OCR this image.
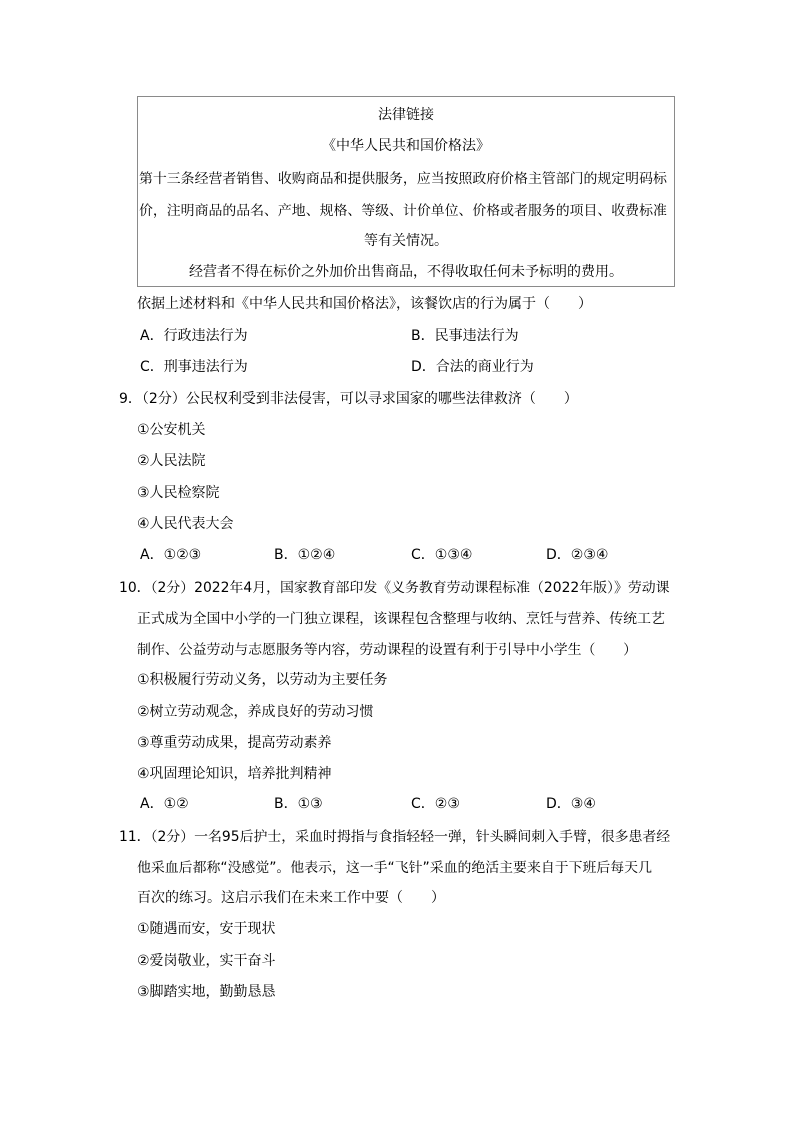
法律链接
《中华人民共和国价格法》
第十三条经营者销售、收购商品和提供服务，应当按照政府价格主管部门的规定明码标
价，注明商品的品名、产地、规格、等级、计价单位、价格或者服务的项目、收费标准
等有关情况。
经营者不得在标价之外加价出售商品，不得收取任何未予标明的费用。
依据上述材料和《中华人民共和国价格法》，该餐饮店的行为属于（　　）
A．行政违法行为	B．民事违法行为
C．刑事违法行为	D．合法的商业行为
9．（2分）公民权利受到非法侵害，可以寻求国家的哪些法律救济（　　）
①公安机关
②人民法院
③人民检察院
④人民代表大会
A．①②③	B．①②④	C．①③④	D．②③④
10．（2分）2022年4月，国家教育部印发《义务教育劳动课程标准（2022年版）》劳动课
正式成为全国中小学的一门独立课程，该课程包含整理与收纳、烹饪与营养、传统工艺
制作、公益劳动与志愿服务等内容，劳动课程的设置有利于引导中小学生（　　）
①积极履行劳动义务，以劳动为主要任务
②树立劳动观念，养成良好的劳动习惯
③尊重劳动成果，提高劳动素养
④巩固理论知识，培养批判精神
A．①②	B．①③	C．②③	D．③④
11．（2分）一名95后护士，采血时拇指与食指轻轻一弹，针头瞬间刺入手臂，很多患者经
他采血后都称“没感觉”。他表示，这一手“飞针”采血的绝活主要来自于下班后每天几
百次的练习。这启示我们在未来工作中要（　　）
①随遇而安，安于现状
②爱岗敬业，实干奋斗
③脚踏实地，勤勤恳恳
